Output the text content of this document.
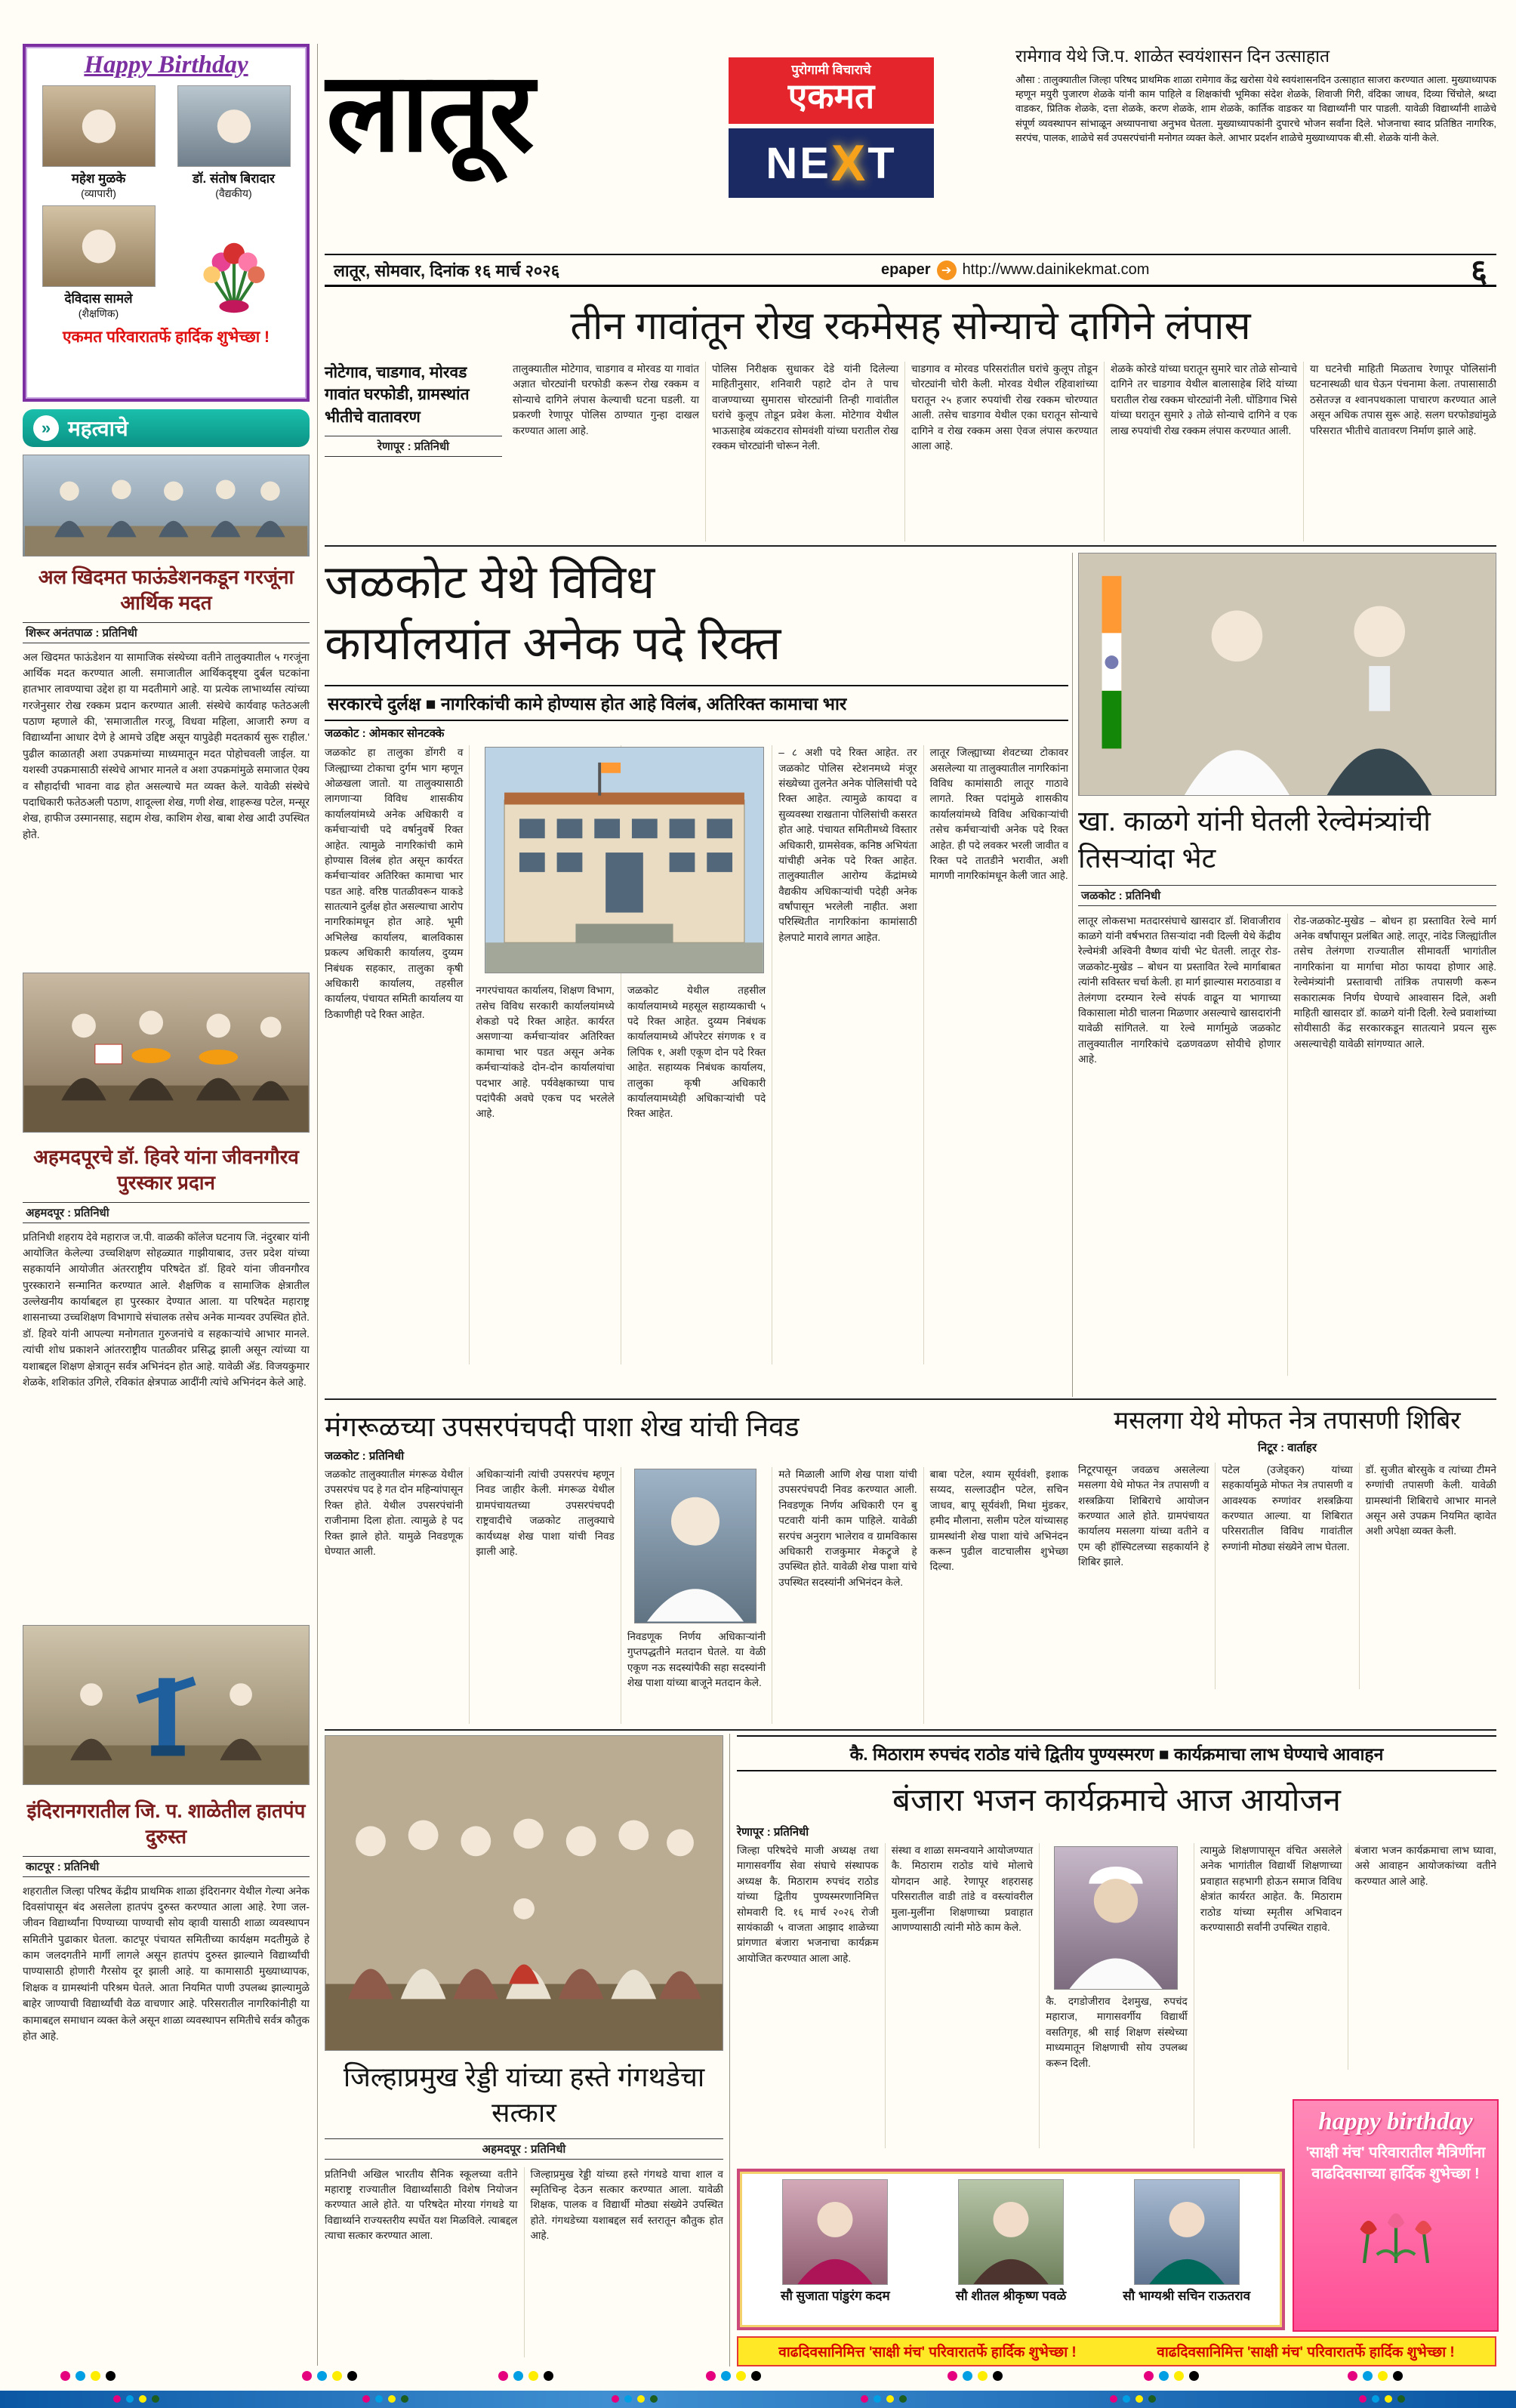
Happy Birthday
महेश मुळके
(व्यापारी)
डॉ. संतोष बिरादार
(वैद्यकीय)
देविदास सामले
(शैक्षणिक)
एकमत परिवारातर्फे हार्दिक शुभेच्छा !
» महत्वाचे
अल खिदमत फाऊंडेशनकडून गरजूंना आर्थिक मदत
शिरूर अनंतपाळ : प्रतिनिधी
अल खिदमत फाऊंडेशन या सामाजिक संस्थेच्या वतीने तालुक्यातील ५ गरजूंना आर्थिक मदत करण्यात आली. समाजातील आर्थिकदृष्ट्या दुर्बल घटकांना हातभार लावण्याचा उद्देश हा या मदतीमागे आहे. या प्रत्येक लाभार्थ्यास त्यांच्या गरजेनुसार रोख रक्कम प्रदान करण्यात आली. संस्थेचे कार्यवाह फतेठअली पठाण म्हणाले की, 'समाजातील गरजू, विधवा महिला, आजारी रुग्ण व विद्यार्थ्यांना आधार देणे हे आमचे उद्दिष्ट असून यापुढेही मदतकार्य सुरू राहील.' पुढील काळातही अशा उपक्रमांच्या माध्यमातून मदत पोहोचवली जाईल. या यशस्वी उपक्रमासाठी संस्थेचे आभार मानले व अशा उपक्रमांमुळे समाजात ऐक्य व सौहार्दाची भावना वाढ होत असल्याचे मत व्यक्त केले. यावेळी संस्थेचे पदाधिकारी फतेठअली पठाण, शादूल्ला शेख, गणी शेख, शाहरूख पटेल, मन्सूर शेख, हाफीज उस्मानसाह, सद्दाम शेख, काशिम शेख, बाबा शेख आदी उपस्थित होते.
अहमदपूरचे डॉ. हिवरे यांना जीवनगौरव पुरस्कार प्रदान
अहमदपूर : प्रतिनिधी
प्रतिनिधी शहराय देवे महाराज ज.पी. वाळकी कॉलेज घटनाय जि. नंदुरबार यांनी आयोजित केलेल्या उच्चशिक्षण सोहळ्यात गाझीयाबाद, उत्तर प्रदेश यांच्या सहकार्याने आयोजीत अंतरराष्ट्रीय परिषदेत डॉ. हिवरे यांना जीवनगौरव पुरस्काराने सन्मानित करण्यात आले. शैक्षणिक व सामाजिक क्षेत्रातील उल्लेखनीय कार्याबद्दल हा पुरस्कार देण्यात आला. या परिषदेत महाराष्ट्र शासनाच्या उच्चशिक्षण विभागाचे संचालक तसेच अनेक मान्यवर उपस्थित होते. डॉ. हिवरे यांनी आपल्या मनोगतात गुरुजनांचे व सहकाऱ्यांचे आभार मानले. त्यांची शोध प्रकाशने आंतरराष्ट्रीय पातळीवर प्रसिद्ध झाली असून त्यांच्या या यशाबद्दल शिक्षण क्षेत्रातून सर्वत्र अभिनंदन होत आहे. यावेळी ॲड. विजयकुमार शेळके, शशिकांत उगिले, रविकांत क्षेत्रपाळ आदींनी त्यांचे अभिनंदन केले आहे.
इंदिरानगरातील जि. प. शाळेतील हातपंप दुरुस्त
काटपूर : प्रतिनिधी
शहरातील जिल्हा परिषद केंद्रीय प्राथमिक शाळा इंदिरानगर येथील गेल्या अनेक दिवसांपासून बंद असलेला हातपंप दुरुस्त करण्यात आला आहे. रेणा जल-जीवन विद्यार्थ्यांना पिण्याच्या पाण्याची सोय व्हावी यासाठी शाळा व्यवस्थापन समितीने पुढाकार घेतला. काटपूर पंचायत समितीच्या कार्यक्षम मदतीमुळे हे काम जलदगतीने मार्गी लागले असून हातपंप दुरुस्त झाल्याने विद्यार्थ्यांची पाण्यासाठी होणारी गैरसोय दूर झाली आहे. या कामासाठी मुख्याध्यापक, शिक्षक व ग्रामस्थांनी परिश्रम घेतले. आता नियमित पाणी उपलब्ध झाल्यामुळे बाहेर जाण्याची विद्यार्थ्यांची वेळ वाचणार आहे. परिसरातील नागरिकांनीही या कामाबद्दल समाधान व्यक्त केले असून शाळा व्यवस्थापन समितीचे सर्वत्र कौतुक होत आहे.
लातूर	पुरोगामी विचाराचे
एकमत
NE X T
रामेगाव येथे जि.प. शाळेत स्वयंशासन दिन उत्साहात
औसा : तालुक्यातील जिल्हा परिषद प्राथमिक शाळा रामेगाव केंद्र खरोसा येथे स्वयंशासनदिन उत्साहात साजरा करण्यात आला. मुख्याध्यापक म्हणून मयुरी पुजारण शेळके यांनी काम पाहिले व शिक्षकांची भूमिका संदेश शेळके, शिवाजी गिरी, वंदिका जाधव, दिव्या चिंचोले, श्रध्दा वाडकर, प्रितिक शेळके, दत्ता शेळके, करण शेळके, शाम शेळके, कार्तिक वाडकर या विद्यार्थ्यांनी पार पाडली. यावेळी विद्यार्थ्यांनी शाळेचे संपूर्ण व्यवस्थापन सांभाळून अध्यापनाचा अनुभव घेतला. मुख्याध्यापकांनी दुपारचे भोजन सर्वांना दिले. भोजनाचा स्वाद प्रतिष्ठित नागरिक, सरपंच, पालक, शाळेचे सर्व उपसरपंचांनी मनोगत व्यक्त केले. आभार प्रदर्शन शाळेचे मुख्याध्यापक बी.सी. शेळके यांनी केले.
लातूर, सोमवार, दिनांक १६ मार्च २०२६	epaper ➔ http://www.dainikekmat.com	६
तीन गावांतून रोख रकमेसह सोन्याचे दागिने लंपास
नोटेगाव, चाडगाव, मोरवड गावांत घरफोडी, ग्रामस्थांत भीतीचे वातावरण
रेणापूर : प्रतिनिधी
तालुक्यातील मोटेगाव, चाडगाव व मोरवड या गावांत अज्ञात चोरट्यांनी घरफोडी करून रोख रक्कम व सोन्याचे दागिने लंपास केल्याची घटना घडली. या प्रकरणी रेणापूर पोलिस ठाण्यात गुन्हा दाखल करण्यात आला आहे.
पोलिस निरीक्षक सुधाकर देडे यांनी दिलेल्या माहितीनुसार, शनिवारी पहाटे दोन ते पाच वाजण्याच्या सुमारास चोरट्यांनी तिन्ही गावांतील घरांचे कुलूप तोडून प्रवेश केला. मोटेगाव येथील भाऊसाहेब व्यंकटराव सोमवंशी यांच्या घरातील रोख रक्कम चोरट्यांनी चोरून नेली.
चाडगाव व मोरवड परिसरांतील घरांचे कुलूप तोडून चोरट्यांनी चोरी केली. मोरवड येथील रहिवाशांच्या घरातून २५ हजार रुपयांची रोख रक्कम चोरण्यात आली. तसेच चाडगाव येथील एका घरातून सोन्याचे दागिने व रोख रक्कम असा ऐवज लंपास करण्यात आला आहे.
शेळके कोरडे यांच्या घरातून सुमारे चार तोळे सोन्याचे दागिने तर चाडगाव येथील बालासाहेब शिंदे यांच्या घरातील रोख रक्कम चोरट्यांनी नेली. घोंडिगाव भिसे यांच्या घरातून सुमारे ३ तोळे सोन्याचे दागिने व एक लाख रुपयांची रोख रक्कम लंपास करण्यात आली.
या घटनेची माहिती मिळताच रेणापूर पोलिसांनी घटनास्थळी धाव घेऊन पंचनामा केला. तपासासाठी ठसेतज्ज्ञ व श्वानपथकाला पाचारण करण्यात आले असून अधिक तपास सुरू आहे. सलग घरफोड्यांमुळे परिसरात भीतीचे वातावरण निर्माण झाले आहे.
जळकोट येथे विविध
कार्यालयांत अनेक पदे रिक्त
सरकारचे दुर्लक्ष ■ नागरिकांची कामे होण्यास होत आहे विलंब, अतिरिक्त कामाचा भार
जळकोट : ओमकार सोनटक्के
जळकोट हा तालुका डोंगरी व जिल्ह्याच्या टोकाचा दुर्गम भाग म्हणून ओळखला जातो. या तालुक्यासाठी लागणाऱ्या विविध शासकीय कार्यालयांमध्ये अनेक अधिकारी व कर्मचाऱ्यांची पदे वर्षानुवर्षे रिक्त आहेत. त्यामुळे नागरिकांची कामे होण्यास विलंब होत असून कार्यरत कर्मचाऱ्यांवर अतिरिक्त कामाचा भार पडत आहे. वरिष्ठ पातळीवरून याकडे सातत्याने दुर्लक्ष होत असल्याचा आरोप नागरिकांमधून होत आहे. भूमी अभिलेख कार्यालय, बालविकास प्रकल्प अधिकारी कार्यालय, दुय्यम निबंधक सहकार, तालुका कृषी अधिकारी कार्यालय, तहसील कार्यालय, पंचायत समिती कार्यालय या ठिकाणीही पदे रिक्त आहेत.
नगरपंचायत कार्यालय, शिक्षण विभाग, तसेच विविध सरकारी कार्यालयांमध्ये शेकडो पदे रिक्त आहेत. कार्यरत असणाऱ्या कर्मचाऱ्यांवर अतिरिक्त कामाचा भार पडत असून अनेक कर्मचाऱ्यांकडे दोन-दोन कार्यालयांचा पदभार आहे. पर्यवेक्षकाच्या पाच पदांपैकी अवघे एकच पद भरलेले आहे.
जळकोट येथील तहसील कार्यालयामध्ये महसूल सहाय्यकाची ५ पदे रिक्त आहेत. दुय्यम निबंधक कार्यालयामध्ये ऑपरेटर संगणक १ व लिपिक १, अशी एकूण दोन पदे रिक्त आहेत. सहाय्यक निबंधक कार्यालय, तालुका कृषी अधिकारी कार्यालयामध्येही अधिकाऱ्यांची पदे रिक्त आहेत.
– ८ अशी पदे रिक्त आहेत. तर जळकोट पोलिस स्टेशनमध्ये मंजूर संख्येच्या तुलनेत अनेक पोलिसांची पदे रिक्त आहेत. त्यामुळे कायदा व सुव्यवस्था राखताना पोलिसांची कसरत होत आहे. पंचायत समितीमध्ये विस्तार अधिकारी, ग्रामसेवक, कनिष्ठ अभियंता यांचीही अनेक पदे रिक्त आहेत. तालुक्यातील आरोग्य केंद्रांमध्ये वैद्यकीय अधिकाऱ्यांची पदेही अनेक वर्षांपासून भरलेली नाहीत. अशा परिस्थितीत नागरिकांना कामांसाठी हेलपाटे मारावे लागत आहेत.
लातूर जिल्ह्याच्या शेवटच्या टोकावर असलेल्या या तालुक्यातील नागरिकांना विविध कामांसाठी लातूर गाठावे लागते. रिक्त पदांमुळे शासकीय कार्यालयांमध्ये विविध अधिकाऱ्यांची तसेच कर्मचाऱ्यांची अनेक पदे रिक्त आहेत. ही पदे लवकर भरली जावीत व रिक्त पदे तातडीने भरावीत, अशी मागणी नागरिकांमधून केली जात आहे.
खा. काळगे यांनी घेतली रेल्वेमंत्र्यांची तिसऱ्यांदा भेट
जळकोट : प्रतिनिधी
लातूर लोकसभा मतदारसंघाचे खासदार डॉ. शिवाजीराव काळगे यांनी वर्षभरात तिसऱ्यांदा नवी दिल्ली येथे केंद्रीय रेल्वेमंत्री अश्विनी वैष्णव यांची भेट घेतली. लातूर रोड-जळकोट-मुखेड – बोधन या प्रस्तावित रेल्वे मार्गाबाबत त्यांनी सविस्तर चर्चा केली. हा मार्ग झाल्यास मराठवाडा व तेलंगणा दरम्यान रेल्वे संपर्क वाढून या भागाच्या विकासाला मोठी चालना मिळणार असल्याचे खासदारांनी यावेळी सांगितले. या रेल्वे मार्गामुळे जळकोट तालुक्यातील नागरिकांचे दळणवळण सोयीचे होणार आहे.
रोड-जळकोट-मुखेड – बोधन हा प्रस्तावित रेल्वे मार्ग अनेक वर्षांपासून प्रलंबित आहे. लातूर, नांदेड जिल्ह्यांतील तसेच तेलंगणा राज्यातील सीमावर्ती भागांतील नागरिकांना या मार्गाचा मोठा फायदा होणार आहे. रेल्वेमंत्र्यांनी प्रस्तावाची तांत्रिक तपासणी करून सकारात्मक निर्णय घेण्याचे आश्वासन दिले, अशी माहिती खासदार डॉ. काळगे यांनी दिली. रेल्वे प्रवाशांच्या सोयीसाठी केंद्र सरकारकडून सातत्याने प्रयत्न सुरू असल्याचेही यावेळी सांगण्यात आले.
मंगरूळच्या उपसरपंचपदी पाशा शेख यांची निवड
जळकोट : प्रतिनिधी
जळकोट तालुक्यातील मंगरूळ येथील उपसरपंच पद हे गत दोन महिन्यांपासून रिक्त होते. येथील उपसरपंचांनी राजीनामा दिला होता. त्यामुळे हे पद रिक्त झाले होते. यामुळे निवडणूक घेण्यात आली.
अधिकाऱ्यांनी त्यांची उपसरपंच म्हणून निवड जाहीर केली. मंगरूळ येथील ग्रामपंचायतच्या उपसरपंचपदी राष्ट्रवादीचे जळकोट तालुक्याचे कार्यध्यक्ष शेख पाशा यांची निवड झाली आहे.
निवडणूक निर्णय अधिकाऱ्यांनी गुप्तपद्धतीने मतदान घेतले. या वेळी एकूण नऊ सदस्यांपैकी सहा सदस्यांनी शेख पाशा यांच्या बाजूने मतदान केले.
मते मिळाली आणि शेख पाशा यांची उपसरपंचपदी निवड करण्यात आली. निवडणूक निर्णय अधिकारी एन बु पटवारी यांनी काम पाहिले. यावेळी सरपंच अनुराग भालेराव व ग्रामविकास अधिकारी राजकुमार मेकट्रूजे हे उपस्थित होते. यावेळी शेख पाशा यांचे उपस्थित सदस्यांनी अभिनंदन केले.
बाबा पटेल, श्याम सूर्यवंशी, इशाक सय्यद, सल्लाउद्दीन पटेल, सचिन जाधव, बापू सूर्यवंशी, मिथा मुंडकर, हमीद मौलाना, सलीम पटेल यांच्यासह ग्रामस्थांनी शेख पाशा यांचे अभिनंदन करून पुढील वाटचालीस शुभेच्छा दिल्या.
मसलगा येथे मोफत नेत्र तपासणी शिबिर
निटूर : वार्ताहर
निटूरपासून जवळच असलेल्या मसलगा येथे मोफत नेत्र तपासणी व शस्त्रक्रिया शिबिराचे आयोजन करण्यात आले होते. ग्रामपंचायत कार्यालय मसलगा यांच्या वतीने व एम व्ही हॉस्पिटलच्या सहकार्याने हे शिबिर झाले.
पटेल (उजेड्कर) यांच्या सहकार्यामुळे मोफत नेत्र तपासणी व आवश्यक रुग्णांवर शस्त्रक्रिया करण्यात आल्या. या शिबिरात परिसरातील विविध गावांतील रुग्णांनी मोठ्या संख्येने लाभ घेतला.
डॉ. सुजीत बोरसुके व त्यांच्या टीमने रुग्णांची तपासणी केली. यावेळी ग्रामस्थांनी शिबिराचे आभार मानले असून असे उपक्रम नियमित व्हावेत अशी अपेक्षा व्यक्त केली.
जिल्हाप्रमुख रेड्डी यांच्या हस्ते गंगथडेचा सत्कार
अहमदपूर : प्रतिनिधी
प्रतिनिधी अखिल भारतीय सैनिक स्कूलच्या वतीने महाराष्ट्र राज्यातील विद्यार्थ्यांसाठी विशेष नियोजन करण्यात आले होते. या परिषदेत मोरया गंगथडे या विद्यार्थ्याने राज्यस्तरीय स्पर्धेत यश मिळविले. त्याबद्दल त्याचा सत्कार करण्यात आला.
जिल्हाप्रमुख रेड्डी यांच्या हस्ते गंगथडे याचा शाल व स्मृतिचिन्ह देऊन सत्कार करण्यात आला. यावेळी शिक्षक, पालक व विद्यार्थी मोठ्या संख्येने उपस्थित होते. गंगथडेच्या यशाबद्दल सर्व स्तरातून कौतुक होत आहे.
कै. मिठाराम रुपचंद राठोड यांचे द्वितीय पुण्यस्मरण ■ कार्यक्रमाचा लाभ घेण्याचे आवाहन
बंजारा भजन कार्यक्रमाचे आज आयोजन
रेणापूर : प्रतिनिधी
जिल्हा परिषदेचे माजी अध्यक्ष तथा मागासवर्गीय सेवा संघाचे संस्थापक अध्यक्ष कै. मिठाराम रुपचंद राठोड यांच्या द्वितीय पुण्यस्मरणानिमित्त सोमवारी दि. १६ मार्च २०२६ रोजी सायंकाळी ५ वाजता आझाद शाळेच्या प्रांगणात बंजारा भजनाचा कार्यक्रम आयोजित करण्यात आला आहे.
संस्था व शाळा समन्वयाने आयोजण्यात कै. मिठाराम राठोड यांचे मोलाचे योगदान आहे. रेणापूर शहरासह परिसरातील वाडी तांडे व वस्त्यांवरील मुला-मुलींना शिक्षणाच्या प्रवाहात आणण्यासाठी त्यांनी मोठे काम केले.
कै. दगडोजीराव देशमुख, रुपचंद महाराज, मागासवर्गीय विद्यार्थी वसतिगृह, श्री साई शिक्षण संस्थेच्या माध्यमातून शिक्षणाची सोय उपलब्ध करून दिली.
त्यामुळे शिक्षणापासून वंचित असलेले अनेक भागांतील विद्यार्थी शिक्षणाच्या प्रवाहात सहभागी होऊन समाज विविध क्षेत्रांत कार्यरत आहेत. कै. मिठाराम राठोड यांच्या स्मृतीस अभिवादन करण्यासाठी सर्वांनी उपस्थित राहावे.
बंजारा भजन कार्यक्रमाचा लाभ घ्यावा, असे आवाहन आयोजकांच्या वतीने करण्यात आले आहे.
happy birthday
'साक्षी मंच' परिवारातील मैत्रिणींना वाढदिवसाच्या हार्दिक शुभेच्छा !
सौ सुजाता पांडुरंग कदम	सौ शीतल श्रीकृष्ण पवळे	सौ भाग्यश्री सचिन राऊतराव
वाढदिवसानिमित्त 'साक्षी मंच' परिवारातर्फे हार्दिक शुभेच्छा !	वाढदिवसानिमित्त 'साक्षी मंच' परिवारातर्फे हार्दिक शुभेच्छा !
